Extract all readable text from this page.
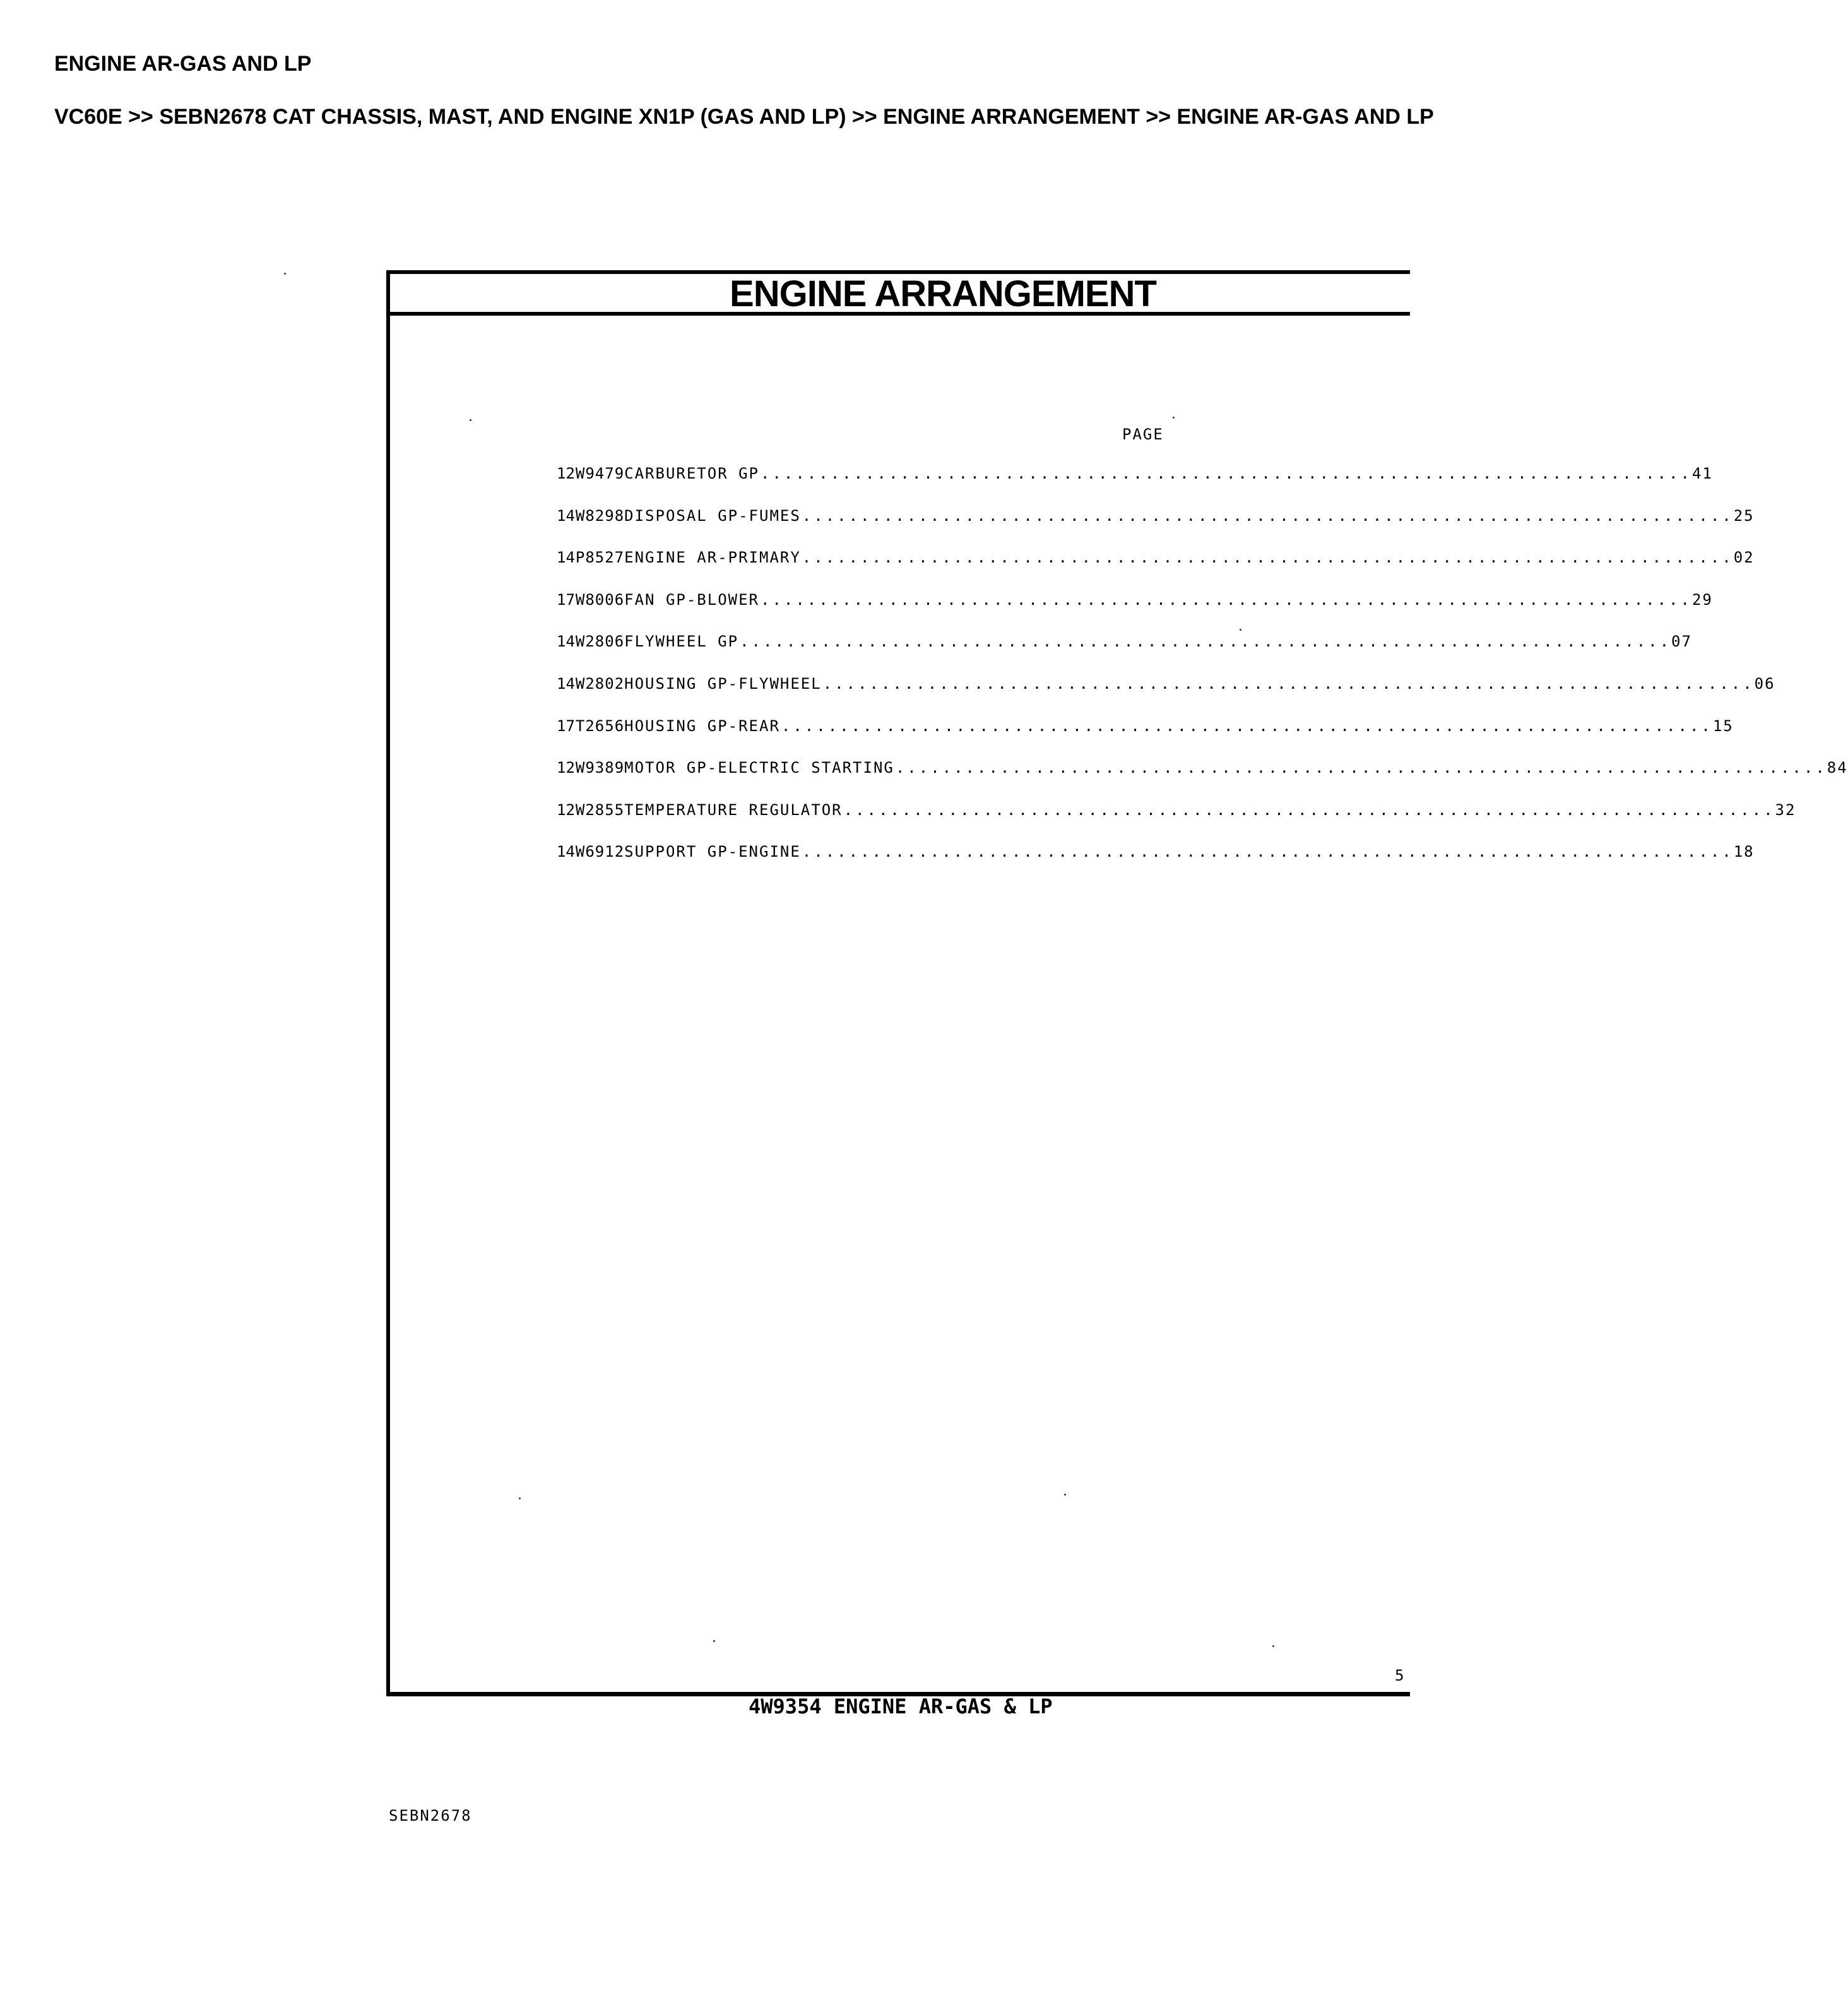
ENGINE AR-GAS AND LP

VC60E >> SEBN2678 CAT CHASSIS, MAST, AND ENGINE XN1P (GAS AND LP) >> ENGINE ARRANGEMENT >> ENGINE AR-GAS AND LP

ENGINE ARRANGEMENT
PAGE
1 2W9479 CARBURETOR GP ................................................................................ 41
1 4W8298 DISPOSAL GP-FUMES ................................................................................ 25
1 4P8527 ENGINE AR-PRIMARY ................................................................................ 02
1 7W8006 FAN GP-BLOWER ................................................................................ 29
1 4W2806 FLYWHEEL GP ................................................................................ 07
1 4W2802 HOUSING GP-FLYWHEEL ................................................................................ 06
1 7T2656 HOUSING GP-REAR ................................................................................ 15
1 2W9389 MOTOR GP-ELECTRIC STARTING ................................................................................ 84
1 2W2855 TEMPERATURE REGULATOR ................................................................................ 32
1 4W6912 SUPPORT GP-ENGINE ................................................................................ 18
5
4W9354 ENGINE AR-GAS & LP
SEBN2678
